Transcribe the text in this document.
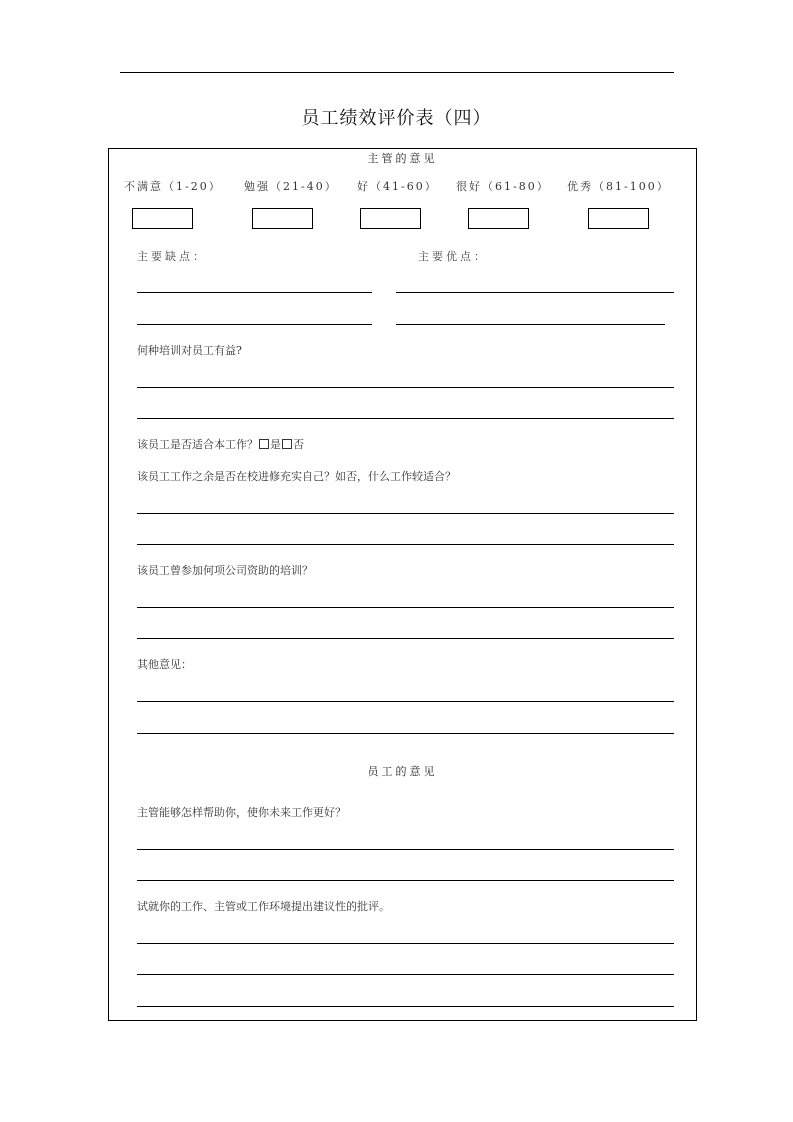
员工绩效评价表（四）
主管的意见
不满意（1-20） 勉强（21-40） 好（41-60） 很好（61-80） 优秀（81-100）
主要缺点：	主要优点：
何种培训对员工有益?
该员工是否适合本工作？ 是 否
该员工工作之余是否在校进修充实自己？如否，什么工作较适合？
该员工曾参加何项公司资助的培训？
其他意见：
员工的意见
主管能够怎样帮助你，使你未来工作更好？
试就你的工作、主管或工作环境提出建议性的批评。
